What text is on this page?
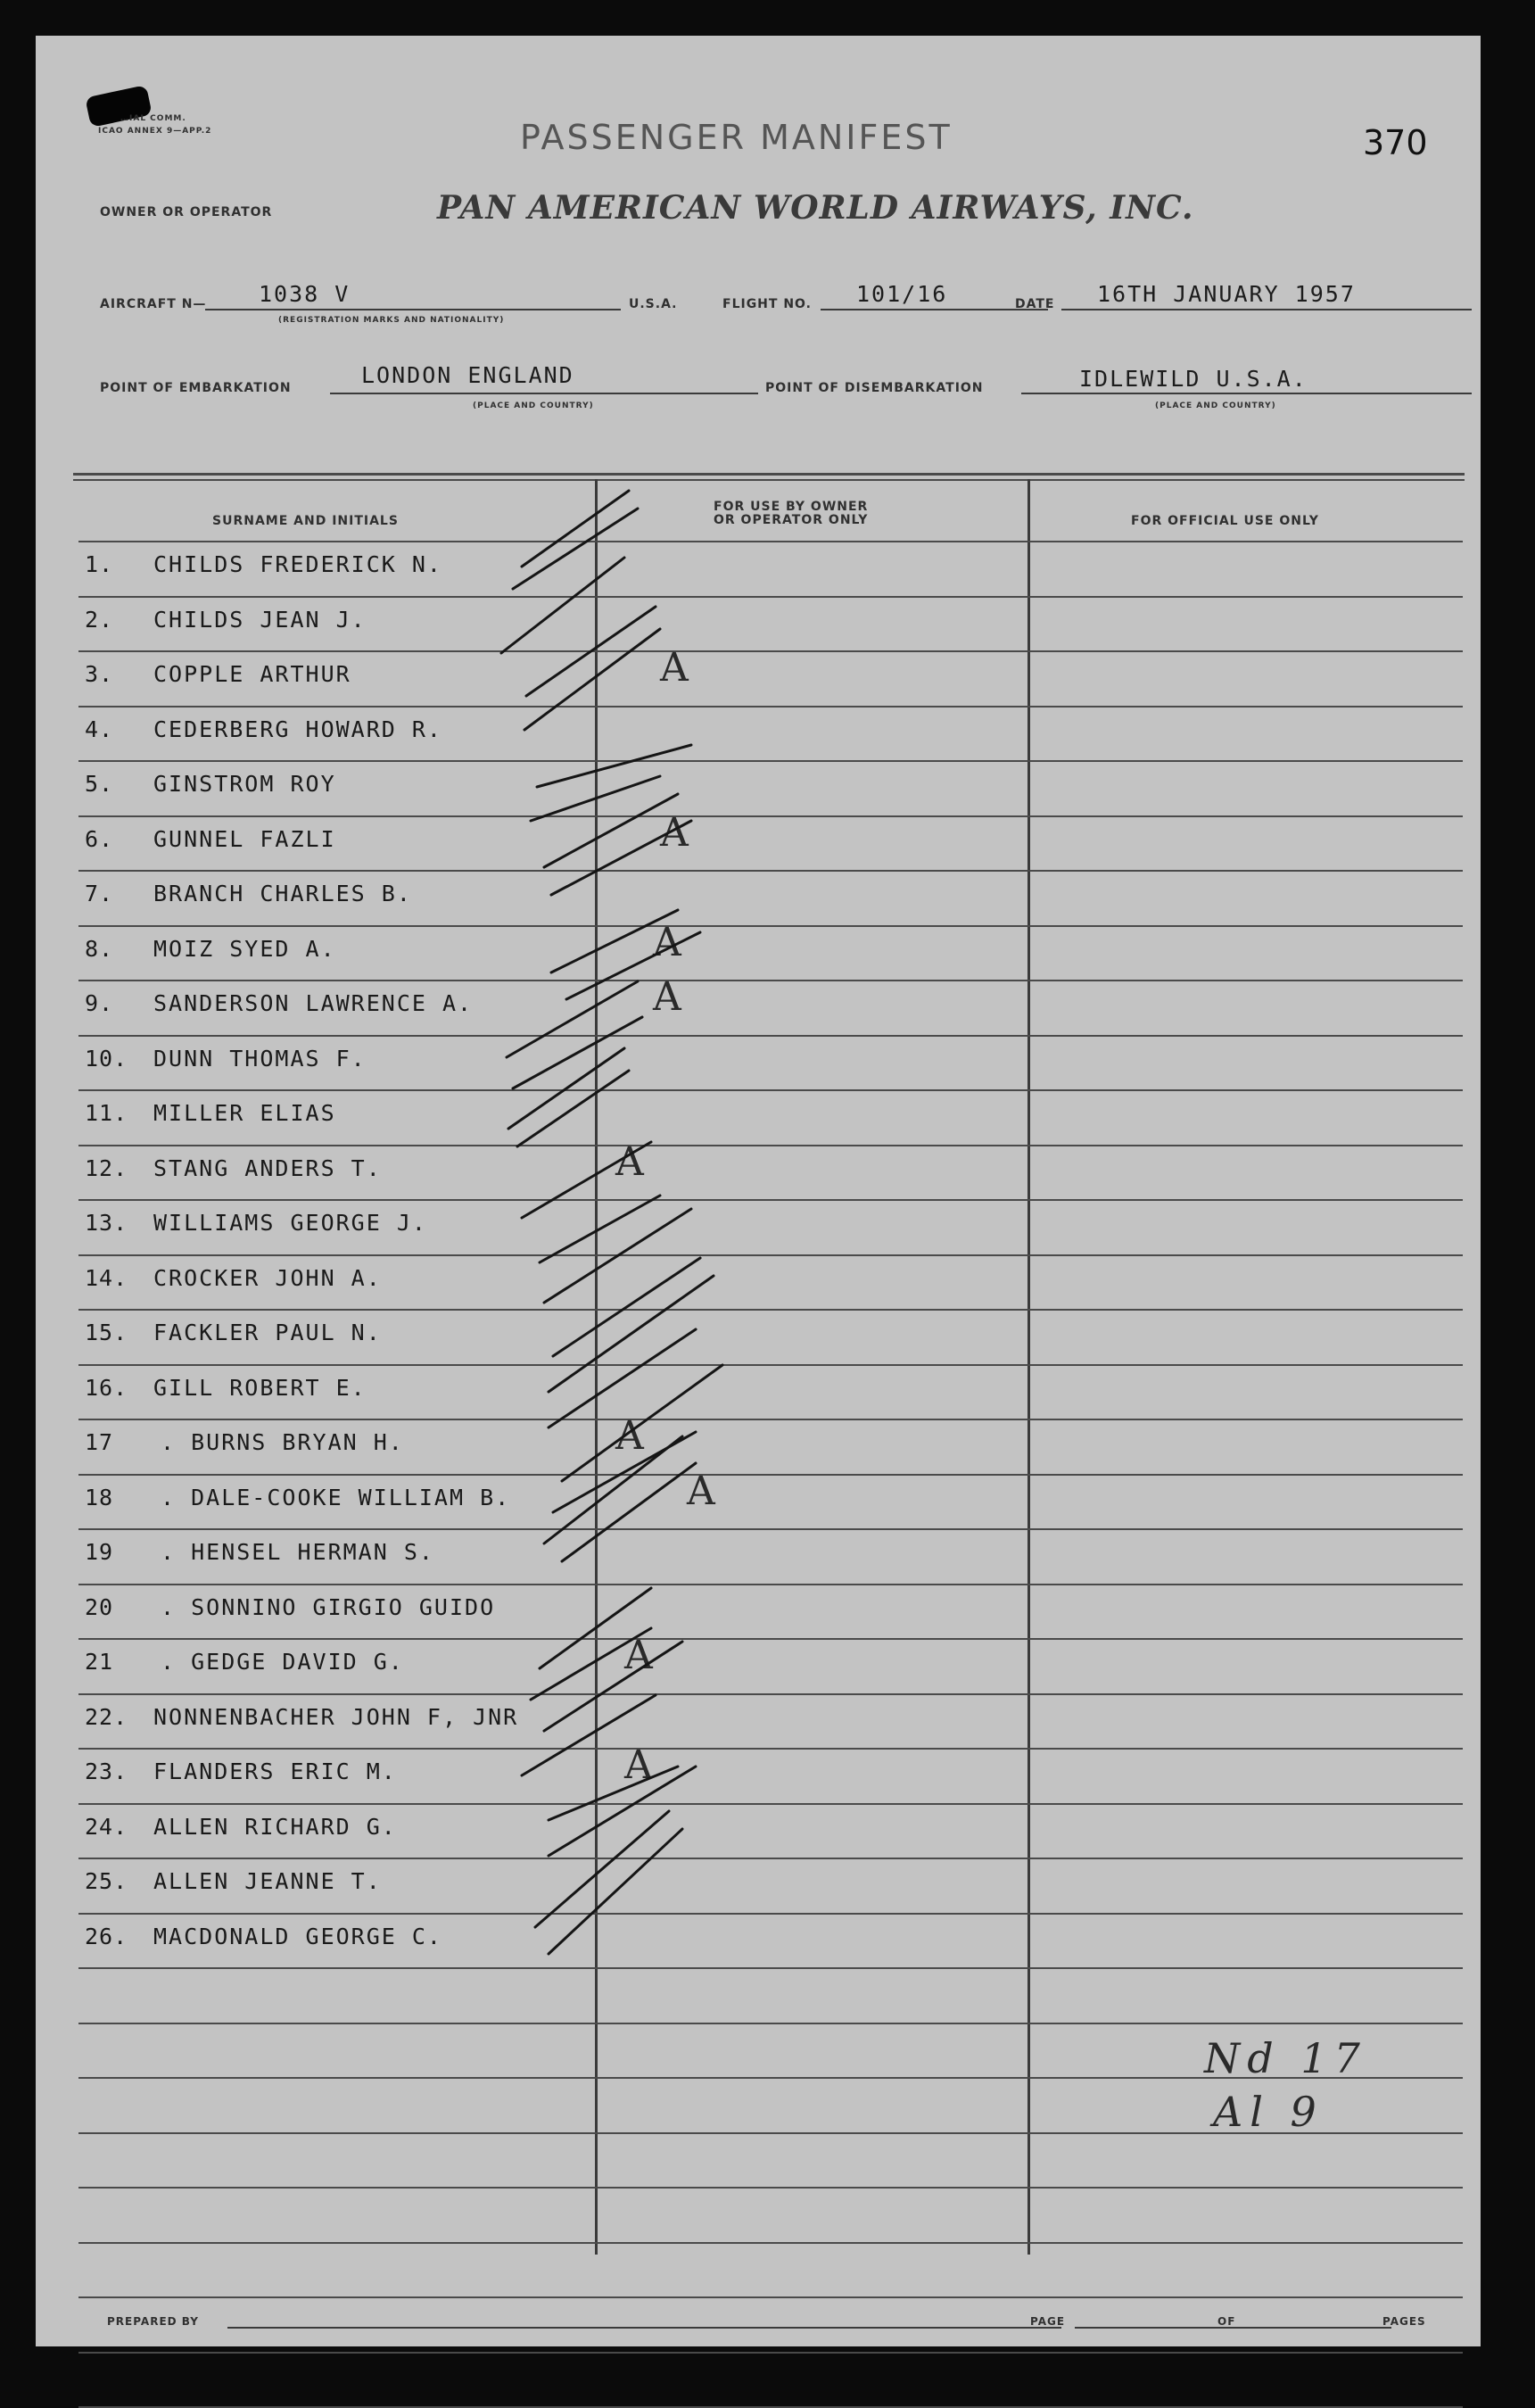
…IAL COMM.
ICAO ANNEX 9—APP.2	PASSENGER MANIFEST	370
OWNER OR OPERATOR	PAN AMERICAN WORLD AIRWAYS, INC.
AIRCRAFT N— 1038 V
(REGISTRATION MARKS AND NATIONALITY)
U.S.A.	FLIGHT NO. 101/16	DATE 16TH JANUARY 1957
POINT OF EMBARKATION	LONDON ENGLAND
(PLACE AND COUNTRY)
POINT OF DISEMBARKATION	IDLEWILD U.S.A.
(PLACE AND COUNTRY)
SURNAME AND INITIALS
FOR USE BY OWNER
OR OPERATOR ONLY	FOR OFFICIAL USE ONLY
1. CHILDS FREDERICK N.
2. CHILDS JEAN J.
3. COPPLE ARTHUR	A
4. CEDERBERG HOWARD R.
5. GINSTROM ROY
6. GUNNEL FAZLI	A
7. BRANCH CHARLES B.
8. MOIZ SYED A.	A
9. SANDERSON LAWRENCE A.	A
10. DUNN THOMAS F.
11. MILLER ELIAS
12. STANG ANDERS T.	A
13. WILLIAMS GEORGE J.
14. CROCKER JOHN A.
15. FACKLER PAUL N.
16. GILL ROBERT E.
17 . BURNS BRYAN H.	A
18 . DALE-COOKE WILLIAM B.	A
19 . HENSEL HERMAN S.
20 . SONNINO GIRGIO GUIDO
21 . GEDGE DAVID G.	A
22. NONNENBACHER JOHN F, JNR
23. FLANDERS ERIC M.	A
24. ALLEN RICHARD G.
25. ALLEN JEANNE T.
26. MACDONALD GEORGE C.
Nd 17
Al 9
PREPARED BY	PAGE	OF	PAGES
